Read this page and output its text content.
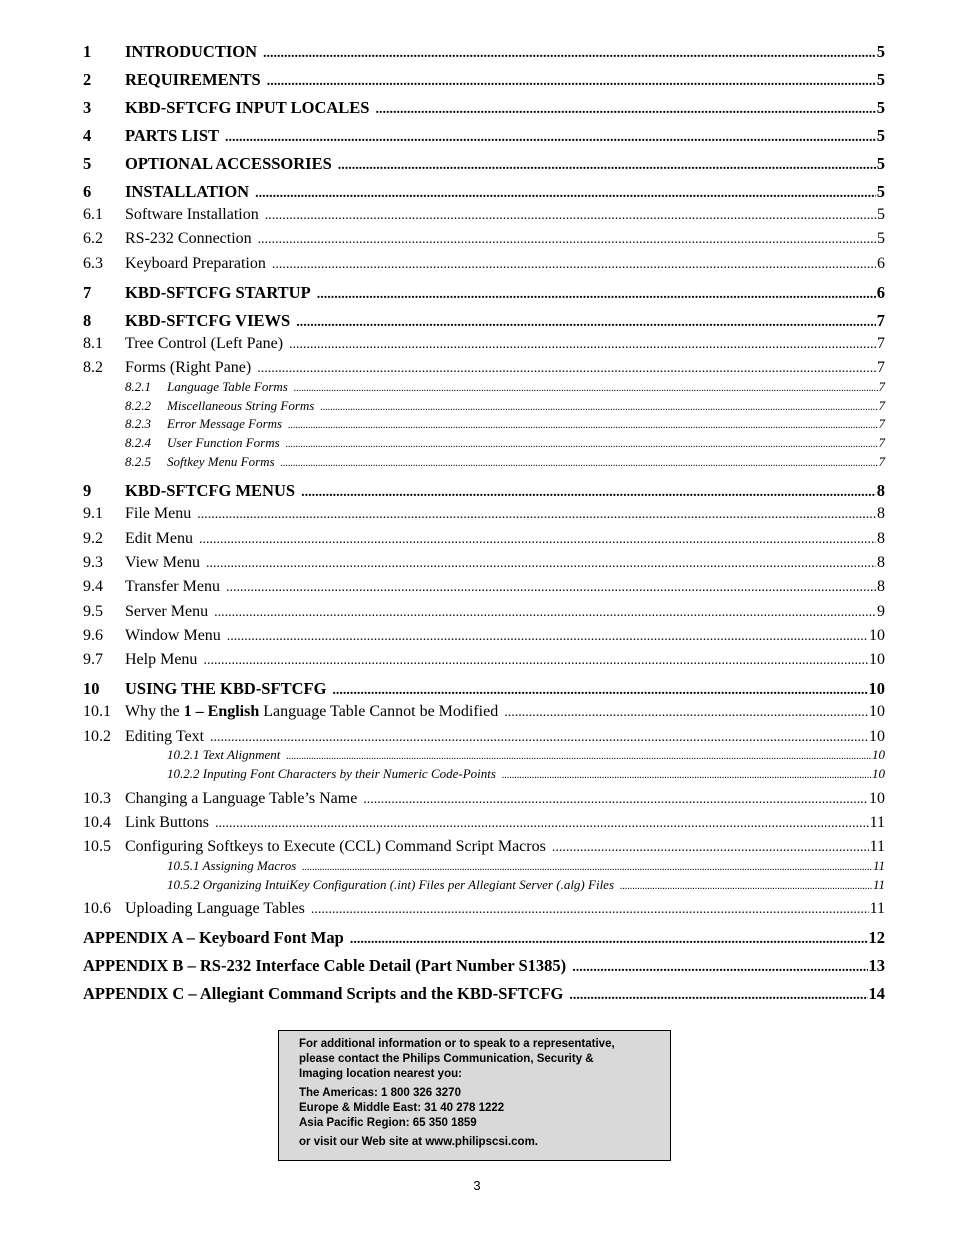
1	INTRODUCTION .....	5
2	REQUIREMENTS .....	5
3	KBD-SFTCFG INPUT LOCALES .....	5
4	PARTS LIST .....	5
5	OPTIONAL ACCESSORIES .....	5
6	INSTALLATION .....	5
6.1	Software Installation .....	5
6.2	RS-232 Connection .....	5
6.3	Keyboard Preparation .....	6
7	KBD-SFTCFG STARTUP .....	6
8	KBD-SFTCFG VIEWS .....	7
8.1	Tree Control (Left Pane) .....	7
8.2	Forms (Right Pane) .....	7
8.2.1	Language Table Forms .....	7
8.2.2	Miscellaneous String Forms .....	7
8.2.3	Error Message Forms .....	7
8.2.4	User Function Forms .....	7
8.2.5	Softkey Menu Forms .....	7
9	KBD-SFTCFG MENUS .....	8
9.1	File Menu .....	8
9.2	Edit Menu .....	8
9.3	View Menu .....	8
9.4	Transfer Menu .....	8
9.5	Server Menu .....	9
9.6	Window Menu .....	10
9.7	Help Menu .....	10
10	USING THE KBD-SFTCFG .....	10
10.1 Why the 1 – English Language Table Cannot be Modified .....	10
10.2 Editing Text .....	10
10.2.1 Text Alignment .....	10
10.2.2 Inputing Font Characters by their Numeric Code-Points .....	10
10.3 Changing a Language Table’s Name .....	10
10.4 Link Buttons .....	11
10.5 Configuring Softkeys to Execute (CCL) Command Script Macros .....	11
10.5.1 Assigning Macros .....	11
10.5.2 Organizing IntuiKey Configuration (.int) Files per Allegiant Server (.alg) Files .....	11
10.6 Uploading Language Tables .....	11
APPENDIX A – Keyboard Font Map .....	12
APPENDIX B – RS-232 Interface Cable Detail (Part Number S1385) .....	13
APPENDIX C – Allegiant Command Scripts and the KBD-SFTCFG .....	14

For additional information or to speak to a representative,

please contact the Philips Communication, Security &

Imaging location nearest you:

The Americas: 1 800 326 3270

Europe & Middle East: 31 40 278 1222

Asia Pacific Region: 65 350 1859

or visit our Web site at www.philipscsi.com.

3
